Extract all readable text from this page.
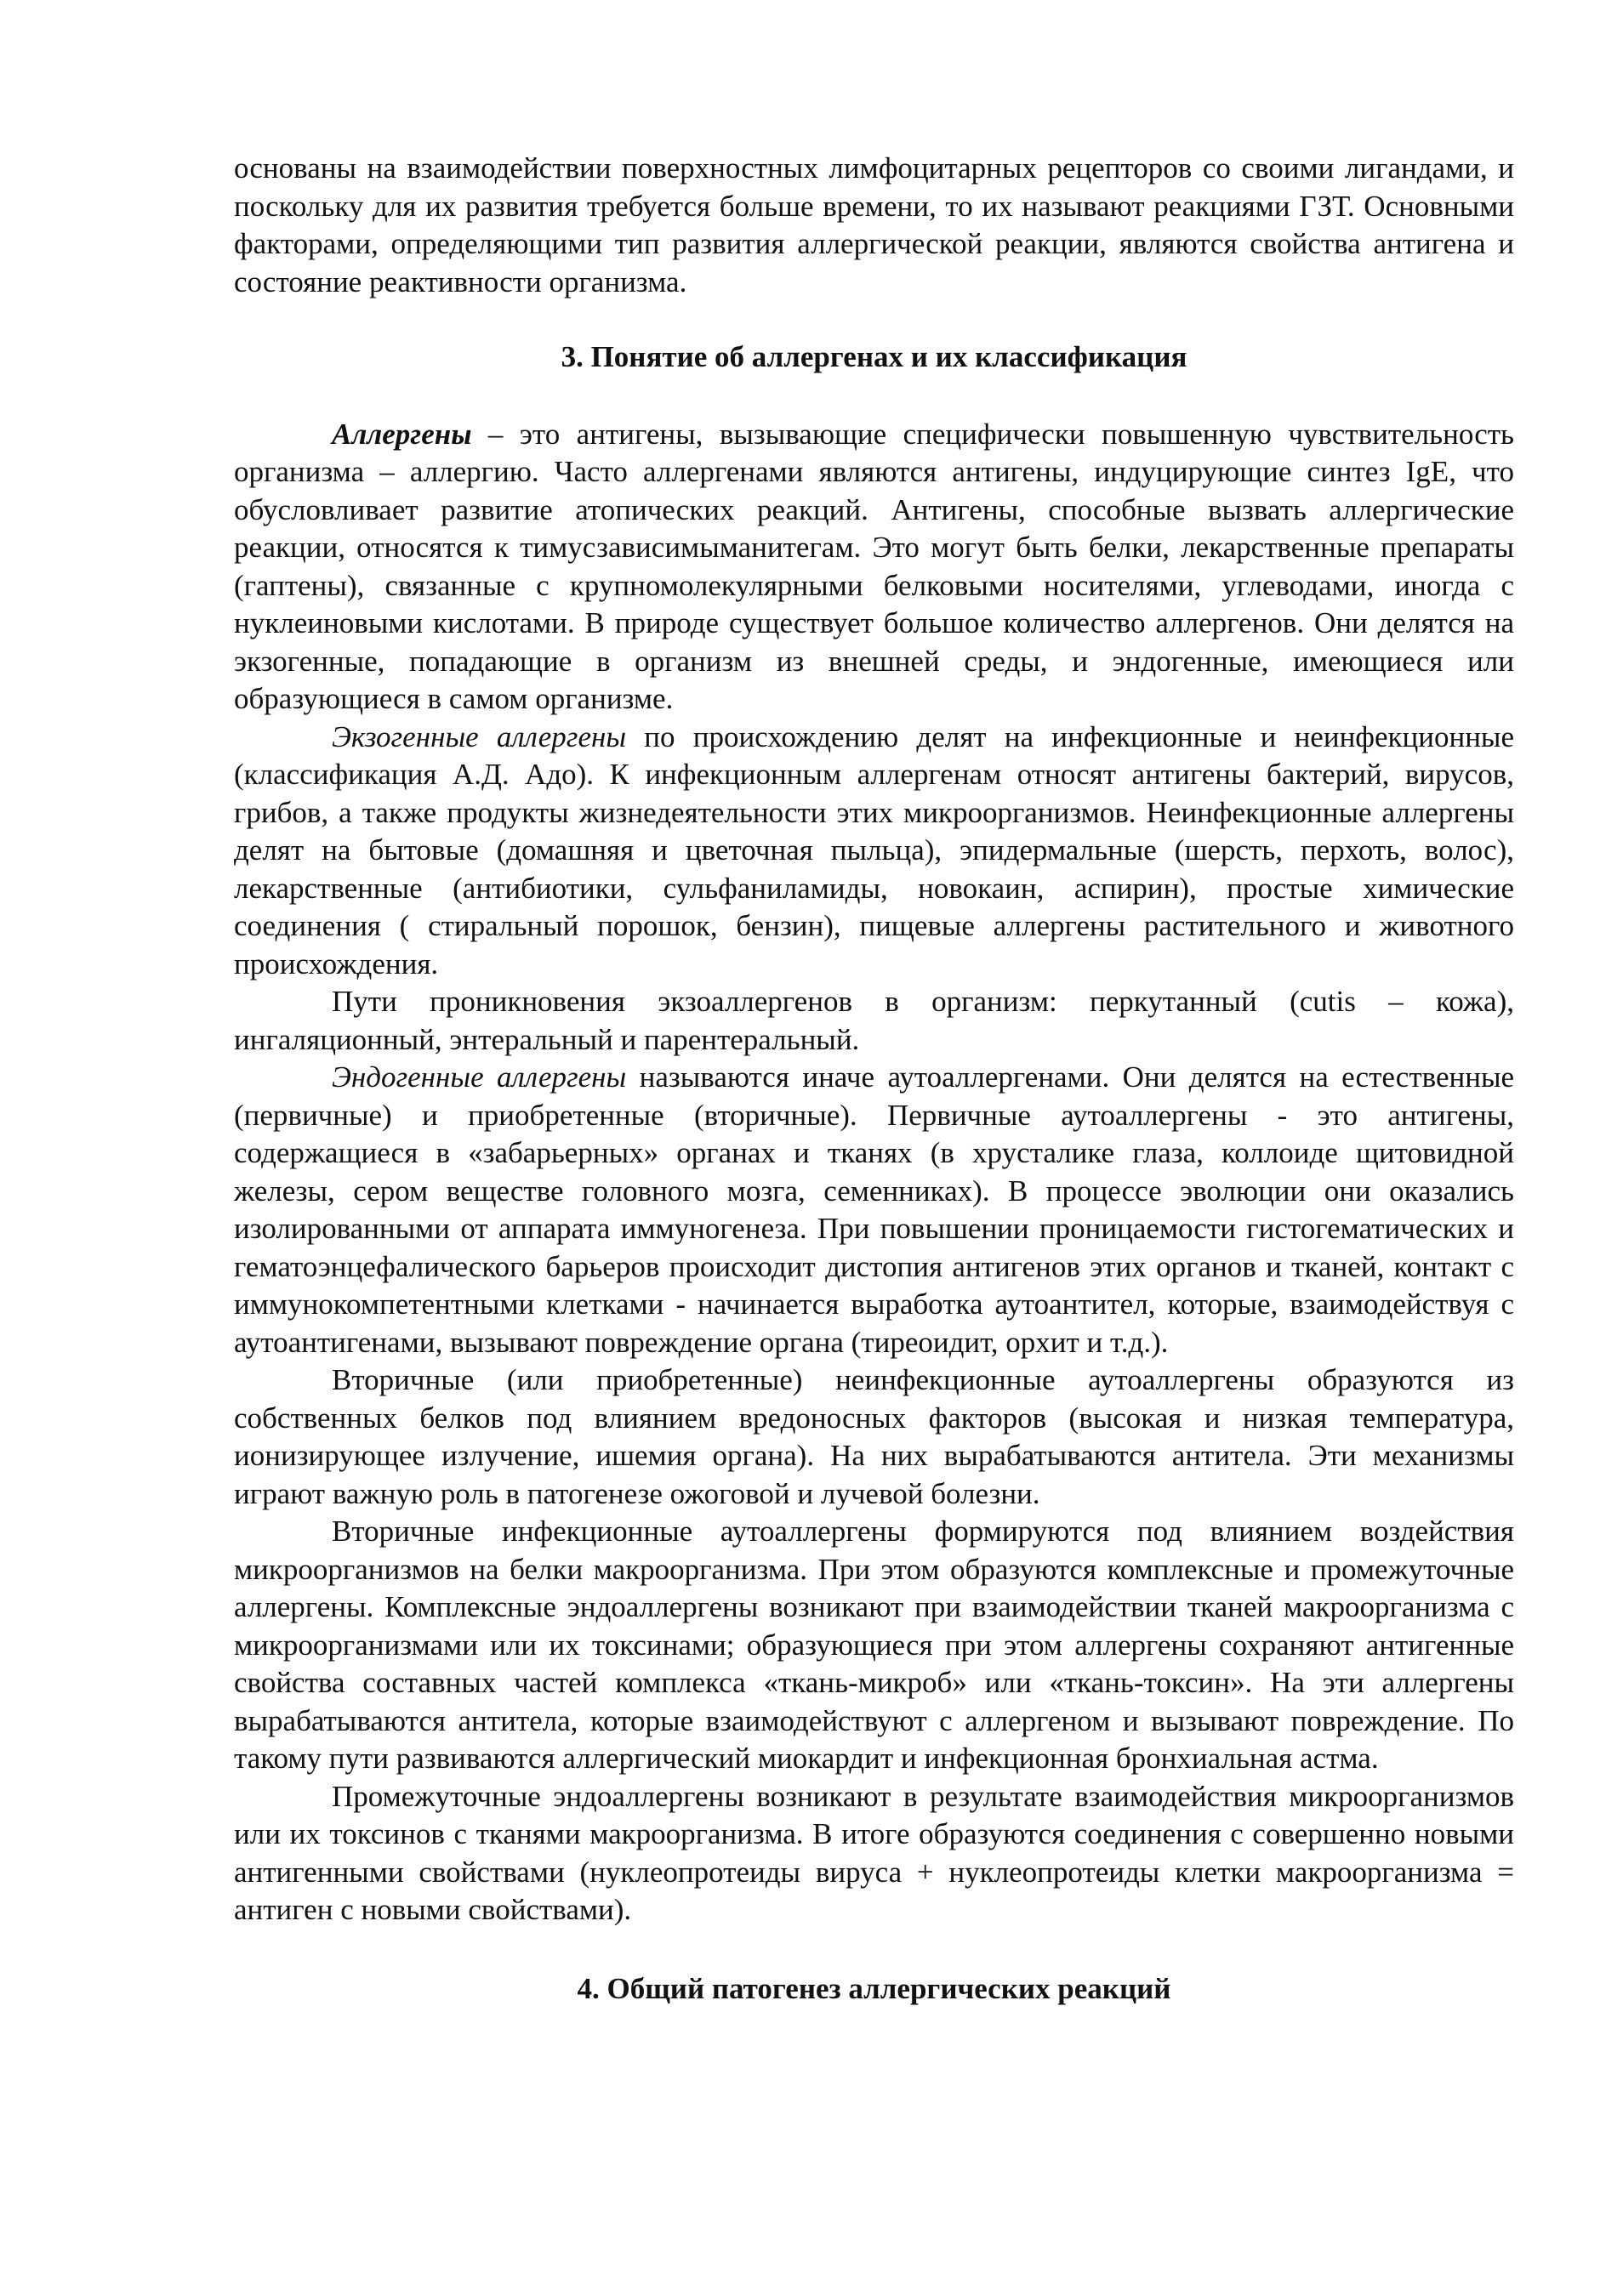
основаны на взаимодействии поверхностных лимфоцитарных рецепторов со своими лигандами, и поскольку для их развития требуется больше времени, то их называют реакциями ГЗТ. Основными факторами, определяющими тип развития аллергической реакции, являются свойства антигена и состояние реактивности организма.

3. Понятие об аллергенах и их классификация

Аллергены – это антигены, вызывающие специфически повышенную чувствительность организма – аллергию. Часто аллергенами являются антигены, индуцирующие синтез IgE, что обусловливает развитие атопических реакций. Антигены, способные вызвать аллергические реакции, относятся к тимусзависимыманитегам. Это могут быть белки, лекарственные препараты (гаптены), связанные с крупномолекулярными белковыми носителями, углеводами, иногда с нуклеиновыми кислотами. В природе существует большое количество аллергенов. Они делятся на экзогенные, попадающие в организм из внешней среды, и эндогенные, имеющиеся или образующиеся в самом организме.

Экзогенные аллергены по происхождению делят на инфекционные и неинфекционные (классификация А.Д. Адо). К инфекционным аллергенам относят антигены бактерий, вирусов, грибов, а также продукты жизнедеятельности этих микроорганизмов. Неинфекционные аллергены делят на бытовые (домашняя и цветочная пыльца), эпидермальные (шерсть, перхоть, волос), лекарственные (антибиотики, сульфаниламиды, новокаин, аспирин), простые химические соединения ( стиральный порошок, бензин), пищевые аллергены растительного и животного происхождения.

Пути проникновения экзоаллергенов в организм: перкутанный (cutis – кожа), ингаляционный, энтеральный и парентеральный.

Эндогенные аллергены называются иначе аутоаллергенами. Они делятся на естественные (первичные) и приобретенные (вторичные). Первичные аутоаллергены - это антигены, содержащиеся в «забарьерных» органах и тканях (в хрусталике глаза, коллоиде щитовидной железы, сером веществе головного мозга, семенниках). В процессе эволюции они оказались изолированными от аппарата иммуногенеза. При повышении проницаемости гистогематических и гематоэнцефалического барьеров происходит дистопия антигенов этих органов и тканей, контакт с иммунокомпетентными клетками - начинается выработка аутоантител, которые, взаимодействуя с аутоантигенами, вызывают повреждение органа (тиреоидит, орхит и т.д.).

Вторичные (или приобретенные) неинфекционные аутоаллергены образуются из собственных белков под влиянием вредоносных факторов (высокая и низкая температура, ионизирующее излучение, ишемия органа). На них вырабатываются антитела. Эти механизмы играют важную роль в патогенезе ожоговой и лучевой болезни.

Вторичные инфекционные аутоаллергены формируются под влиянием воздействия микроорганизмов на белки макроорганизма. При этом образуются комплексные и промежуточные аллергены. Комплексные эндоаллергены возникают при взаимодействии тканей макроорганизма с микроорганизмами или их токсинами; образующиеся при этом аллергены сохраняют антигенные свойства составных частей комплекса «ткань-микроб» или «ткань-токсин». На эти аллергены вырабатываются антитела, которые взаимодействуют с аллергеном и вызывают повреждение. По такому пути развиваются аллергический миокардит и инфекционная бронхиальная астма.

Промежуточные эндоаллергены возникают в результате взаимодействия микроорганизмов или их токсинов с тканями макроорганизма. В итоге образуются соединения с совершенно новыми антигенными свойствами (нуклеопротеиды вируса + нуклеопротеиды клетки макроорганизма = антиген с новыми свойствами).

4. Общий патогенез аллергических реакций
